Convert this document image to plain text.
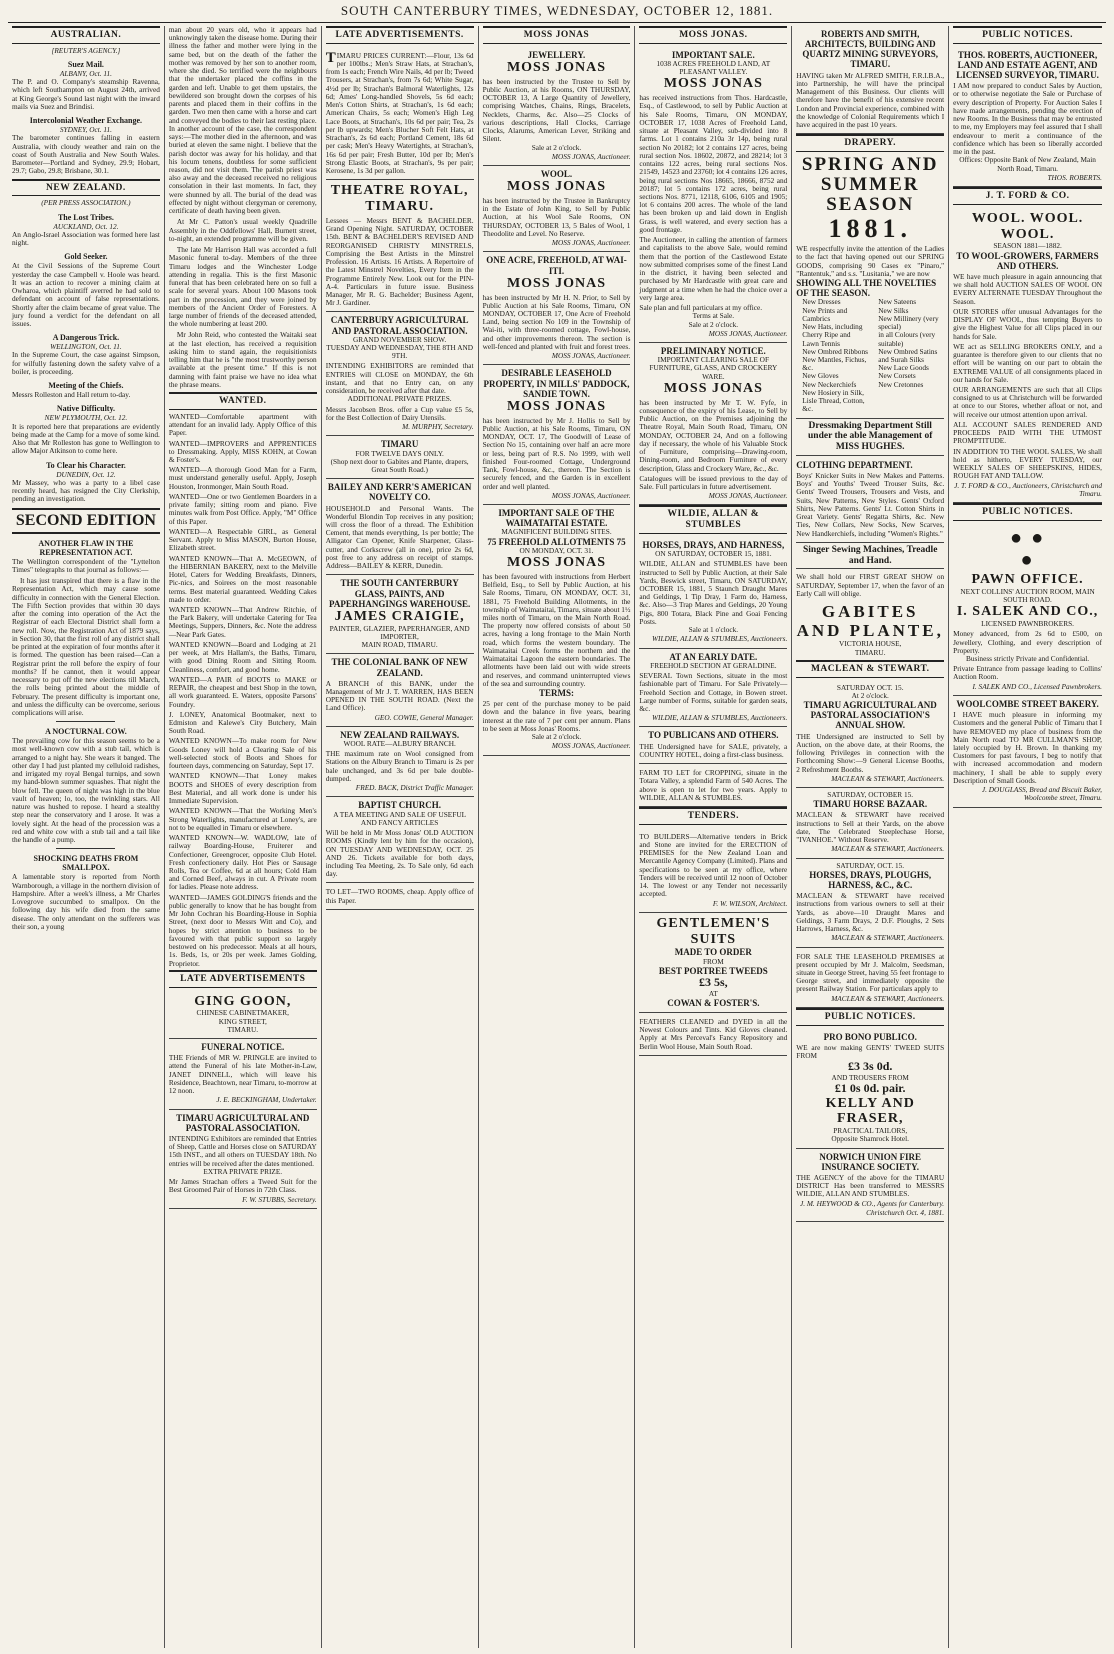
SOUTH CANTERBURY TIMES, WEDNESDAY, OCTOBER 12, 1881.
AUSTRALIAN.
[REUTER'S AGENCY.]
Suez Mail.
ALBANY, Oct. 11.

The P. and O. Company's steamship Ravenna, which left Southampton on August 24th, arrived at King George's Sound last night with the inward mails via Suez and Brindisi.

Intercolonial Weather Exchange.
SYDNEY, Oct. 11.

The barometer continues falling in eastern Australia, with cloudy weather and rain on the coast of South Australia and New South Wales. Barometer—Portland and Sydney, 29.9; Hobart, 29.7; Gabo, 29.8; Brisbane, 30.1.

NEW ZEALAND.
(PER PRESS ASSOCIATION.)
The Lost Tribes.
AUCKLAND, Oct. 12.

An Anglo-Israel Association was formed here last night.

Gold Seeker.

At the Civil Sessions of the Supreme Court yesterday the case Campbell v. Hoole was heard. It was an action to recover a mining claim at Owharoa, which plaintiff averred he had sold to defendant on account of false representations. Shortly after the claim became of great value. The jury found a verdict for the defendant on all issues.

A Dangerous Trick.
WELLINGTON, Oct. 11.

In the Supreme Court, the case against Simpson, for wilfully fastening down the safety valve of a boiler, is proceeding.

Meeting of the Chiefs.

Messrs Rolleston and Hall return to-day.

Native Difficulty.
NEW PLYMOUTH, Oct. 12.

It is reported here that preparations are evidently being made at the Camp for a move of some kind. Also that Mr Rolleston has gone to Wellington to allow Major Atkinson to come here.

To Clear his Character.
DUNEDIN, Oct. 12.

Mr Massey, who was a party to a libel case recently heard, has resigned the City Clerkship, pending an investigation.

SECOND EDITION
ANOTHER FLAW IN THE REPRESENTATION ACT.

The Wellington correspondent of the "Lyttelton Times" telegraphs to that journal as follows:—

It has just transpired that there is a flaw in the Representation Act, which may cause some difficulty in connection with the General Election. The Fifth Section provides that within 30 days after the coming into operation of the Act the Registrar of each Electoral District shall form a new roll. Now, the Registration Act of 1879 says, in Section 30, that the first roll of any district shall be printed at the expiration of four months after it is formed. The question has been raised—Can a Registrar print the roll before the expiry of four months? If he cannot, then it would appear necessary to put off the new elections till March, the rolls being printed about the middle of February. The present difficulty is important one, and unless the difficulty can be overcome, serious complications will arise.

A NOCTURNAL COW.

The prevailing cow for this season seems to be a most well-known cow with a stub tail, which is arranged to a night hay. She wears it banged. The other day I had just planted my celluloid radishes, and irrigated my royal Bengal turnips, and sown my hand-blown summer squashes. That night the blow fell. The queen of night was high in the blue vault of heaven; lo, too, the twinkling stars. All nature was hushed to repose. I heard a stealthy step near the conservatory and I arose. It was a lovely sight. At the head of the procession was a red and white cow with a stub tail and a tail like the handle of a pump.

SHOCKING DEATHS FROM SMALLPOX.

A lamentable story is reported from North Warnborough, a village in the northern division of Hampshire. After a week's illness, a Mr Charles Lovegrove succumbed to smallpox. On the following day his wife died from the same disease. The only attendant on the sufferers was their son, a young

man about 20 years old, who it appears had unknowingly taken the disease home. During their illness the father and mother were lying in the same bed, but on the death of the father the mother was removed by her son to another room, where she died. So terrified were the neighbours that the undertaker placed the coffins in the garden and left. Unable to get them upstairs, the bewildered son brought down the corpses of his parents and placed them in their coffins in the garden. Two men then came with a horse and cart and conveyed the bodies to their last resting place. In another account of the case, the correspondent says:—The mother died in the afternoon, and was buried at eleven the same night. I believe that the parish doctor was away for his holiday, and that his locum tenens, doubtless for some sufficient reason, did not visit them. The parish priest was also away and the deceased received no religious consolation in their last moments. In fact, they were shunned by all. The burial of the dead was effected by night without clergyman or ceremony, certificate of death having been given.

At Mr C. Patton's usual weekly Quadrille Assembly in the Oddfellows' Hall, Burnett street, to-night, an extended programme will be given.

The late Mr Harrison Hall was accorded a full Masonic funeral to-day. Members of the three Timaru lodges and the Winchester Lodge attending in regalia. This is the first Masonic funeral that has been celebrated here on so full a scale for several years. About 100 Masons took part in the procession, and they were joined by members of the Ancient Order of Foresters. A large number of friends of the deceased attended, the whole numbering at least 200.

Mr John Reid, who contested the Waitaki seat at the last election, has received a requisition asking him to stand again, the requisitionists telling him that he is "the most trustworthy person available at the present time." If this is not damning with faint praise we have no idea what the phrase means.

WANTED.
WANTED—Comfortable apartment with attendant for an invalid lady. Apply Office of this Paper.
WANTED—IMPROVERS and APPRENTICES to Dressmaking. Apply, MISS KOHN, at Cowan & Foster's.
WANTED—A thorough Good Man for a Farm, must understand generally useful. Apply, Joseph Houston, Ironmonger, Main South Road.
WANTED—One or two Gentlemen Boarders in a private family; sitting room and piano. Five minutes walk from Post Office. Apply, "M" Office of this Paper.
WANTED—A Respectable GIRL, as General Servant. Apply to Miss MASON, Burton House, Elizabeth street.
WANTED KNOWN—That A. McGEOWN, of the HIBERNIAN BAKERY, next to the Melville Hotel, Caters for Wedding Breakfasts, Dinners, Pic-nics, and Soirees on the most reasonable terms. Best material guaranteed. Wedding Cakes made to order.
WANTED KNOWN—That Andrew Ritchie, of the Park Bakery, will undertake Catering for Tea Meetings, Suppers, Dinners, &c. Note the address—Near Park Gates.
WANTED KNOWN—Board and Lodging at 21 per week, at Mrs Hallam's, the Baths, Timaru, with good Dining Room and Sitting Room. Cleanliness, comfort, and good home.
WANTED—A PAIR of BOOTS to MAKE or REPAIR, the cheapest and best Shop in the town, all work guaranteed. E. Waters, opposite Parsons' Foundry.
J. LONEY, Anatomical Bootmaker, next to Edmiston and Kalewe's City Butchery, Main South Road.
WANTED KNOWN—To make room for New Goods Loney will hold a Clearing Sale of his well-selected stock of Boots and Shoes for fourteen days, commencing on Saturday, Sept 17.
WANTED KNOWN—That Loney makes BOOTS and SHOES of every description from Best Material, and all work done is under his Immediate Supervision.
WANTED KNOWN—That the Working Men's Strong Waterlights, manufactured at Loney's, are not to be equalled in Timaru or elsewhere.
WANTED KNOWN—W. WADLOW, late of railway Boarding-House, Fruiterer and Confectioner, Greengrocer, opposite Club Hotel. Fresh confectionery daily. Hot Pies or Sausage Rolls, Tea or Coffee, 6d at all hours; Cold Ham and Corned Beef, always in cut. A Private room for ladies. Please note address.
WANTED—JAMES GOLDING'S friends and the public generally to know that he has bought from Mr John Cochran his Boarding-House in Sophia Street, (next door to Messrs Witt and Co), and hopes by strict attention to business to be favoured with that public support so largely bestowed on his predecessor. Meals at all hours, 1s. Beds, 1s, or 20s per week. James Golding, Proprietor.
LATE ADVERTISEMENTS
GING GOON,
CHINESE CABINETMAKER,
KING STREET,
TIMARU.
FUNERAL NOTICE.
THE Friends of MR W. PRINGLE are invited to attend the Funeral of his late Mother-in-Law, JANET DINNELL, which will leave his Residence, Beachtown, near Timaru, to-morrow at 12 noon.
J. E. BECKINGHAM, Undertaker.
TIMARU AGRICULTURAL AND PASTORAL ASSOCIATION.
INTENDING Exhibitors are reminded that Entries of Sheep, Cattle and Horses close on SATURDAY 15th INST., and all others on TUESDAY 18th. No entries will be received after the dates mentioned.
EXTRA PRIVATE PRIZE.
Mr James Strachan offers a Tweed Suit for the Best Groomed Pair of Horses in 72th Class.
F. W. STUBBS, Secretary.
LATE ADVERTISEMENTS.
TIMARU PRICES CURRENT:—Flour, 13s 6d per 100lbs.; Men's Straw Hats, at Strachan's, from 1s each; French Wire Nails, 4d per lb; Tweed Trousers, at Strachan's, from 7s 6d; White Sugar, 4½d per lb; Strachan's Balmoral Waterlights, 12s 6d; Ames' Long-handled Shovels, 5s 6d each; Men's Cotton Shirts, at Strachan's, 1s 6d each; American Chairs, 5s each; Women's High Leg Lace Boots, at Strachan's, 10s 6d per pair; Tea, 2s per lb upwards; Men's Blucher Soft Felt Hats, at Strachan's, 2s 6d each; Portland Cement, 18s 6d per cask; Men's Heavy Watertights, at Strachan's, 16s 6d per pair; Fresh Butter, 10d per lb; Men's Strong Elastic Boots, at Strachan's, 9s per pair; Kerosene, 1s 3d per gallon.
THEATRE ROYAL, TIMARU.
Lessees — Messrs BENT & BACHELDER. Grand Opening Night. SATURDAY, OCTOBER 15th. BENT & BACHELDER'S REVISED AND REORGANISED CHRISTY MINSTRELS, Comprising the Best Artists in the Minstrel Profession. 16 Artists. 16 Artists. A Repertoire of the Latest Minstrel Novelties, Every Item in the Programme Entirely New. Look out for the PIN-A-4. Particulars in future issue. Business Manager, Mr R. G. Bachelder; Business Agent, Mr J. Gardiner.
CANTERBURY AGRICULTURAL AND PASTORAL ASSOCIATION.
GRAND NOVEMBER SHOW.
TUESDAY AND WEDNESDAY, THE 8TH AND 9TH.
INTENDING EXHIBITORS are reminded that ENTRIES will CLOSE on MONDAY, the 6th instant, and that no Entry can, on any consideration, be received after that date.
ADDITIONAL PRIVATE PRIZES.
Messrs Jacobsen Bros. offer a Cup value £5 5s, for the Best Collection of Dairy Utensils.
M. MURPHY, Secretary.
TIMARU
FOR TWELVE DAYS ONLY.
(Shop next door to Gabites and Plante, drapers, Great South Road.)
BAILEY AND KERR'S AMERICAN NOVELTY CO.
HOUSEHOLD and Personal Wants. The Wonderful Blondin Top receives in any position; will cross the floor of a thread. The Exhibition Cement, that mends everything, 1s per bottle; The Alligator Can Opener, Knife Sharpener, Glass-cutter, and Corkscrew (all in one), price 2s 6d, post free to any address on receipt of stamps. Address—BAILEY & KERR, Dunedin.
THE SOUTH CANTERBURY GLASS, PAINTS, AND PAPERHANGINGS WAREHOUSE.
JAMES CRAIGIE,
PAINTER, GLAZIER, PAPERHANGER, AND IMPORTER,
MAIN ROAD, TIMARU.
THE COLONIAL BANK OF NEW ZEALAND.
A BRANCH of this BANK, under the Management of Mr J. T. WARREN, HAS BEEN OPENED IN THE SOUTH ROAD. (Next the Land Office).
GEO. COWIE, General Manager.
NEW ZEALAND RAILWAYS.
WOOL RATE—ALBURY BRANCH.
THE maximum rate on Wool consigned from Stations on the Albury Branch to Timaru is 2s per bale unchanged, and 3s 6d per bale double-dumped.
FRED. BACK, District Traffic Manager.
BAPTIST CHURCH.
A TEA MEETING AND SALE OF USEFUL AND FANCY ARTICLES
Will be held in Mr Moss Jonas' OLD AUCTION ROOMS (Kindly lent by him for the occasion), ON TUESDAY AND WEDNESDAY, OCT. 25 AND 26. Tickets available for both days, including Tea Meeting, 2s. To Sale only, 6d each day.
TO LET—TWO ROOMS, cheap. Apply office of this Paper.
MOSS JONAS
JEWELLERY.
MOSS JONAS
has been instructed by the Trustee to Sell by Public Auction, at his Rooms, ON THURSDAY, OCTOBER 13, A Large Quantity of Jewellery, comprising Watches, Chains, Rings, Bracelets, Necklets, Charms, &c. Also—25 Clocks of various descriptions, Hall Clocks, Carriage Clocks, Alarums, American Lever, Striking and Silent.
Sale at 2 o'clock.
MOSS JONAS, Auctioneer.
WOOL.
MOSS JONAS
has been instructed by the Trustee in Bankruptcy in the Estate of John King, to Sell by Public Auction, at his Wool Sale Rooms, ON THURSDAY, OCTOBER 13, 5 Bales of Wool, 1 Theodolite and Level. No Reserve.
MOSS JONAS, Auctioneer.
ONE ACRE, FREEHOLD, AT WAI-ITI.
MOSS JONAS
has been instructed by Mr H. N. Prior, to Sell by Public Auction at his Sale Rooms, Timaru, ON MONDAY, OCTOBER 17, One Acre of Freehold Land, being section No 109 in the Township of Wai-iti, with three-roomed cottage, Fowl-house, and other improvements thereon. The section is well-fenced and planted with fruit and forest trees.
MOSS JONAS, Auctioneer.
DESIRABLE LEASEHOLD PROPERTY, IN MILLS' PADDOCK, SANDIE TOWN.
MOSS JONAS
has been instructed by Mr J. Hollis to Sell by Public Auction, at his Sale Rooms, Timaru, ON MONDAY, OCT. 17, The Goodwill of Lease of Section No 15, containing over half an acre more or less, being part of R.S. No 1999, with well finished Four-roomed Cottage, Underground Tank, Fowl-house, &c., thereon. The Section is securely fenced, and the Garden is in excellent order and well planted.
MOSS JONAS, Auctioneer.
IMPORTANT SALE OF THE WAIMATAITAI ESTATE.
MAGNIFICENT BUILDING SITES.
75 FREEHOLD ALLOTMENTS 75
ON MONDAY, OCT. 31.
MOSS JONAS
has been favoured with instructions from Herbert Belfield, Esq., to Sell by Public Auction, at his Sale Rooms, Timaru, ON MONDAY, OCT. 31, 1881, 75 Freehold Building Allotments, in the township of Waimataitai, Timaru, situate about 1½ miles north of Timaru, on the Main North Road. The property now offered consists of about 50 acres, having a long frontage to the Main North road, which forms the western boundary. The Waimataitai Creek forms the northern and the Waimataitai Lagoon the eastern boundaries. The allotments have been laid out with wide streets and reserves, and command uninterrupted views of the sea and surrounding country.
TERMS:
25 per cent of the purchase money to be paid down and the balance in five years, bearing interest at the rate of 7 per cent per annum. Plans to be seen at Moss Jonas' Rooms.
Sale at 2 o'clock.
MOSS JONAS, Auctioneer.
MOSS JONAS.
IMPORTANT SALE.
1038 ACRES FREEHOLD LAND, AT PLEASANT VALLEY.
MOSS JONAS
has received instructions from Thos. Hardcastle, Esq., of Castlewood, to sell by Public Auction at his Sale Rooms, Timaru, ON MONDAY, OCTOBER 17, 1038 Acres of Freehold Land, situate at Pleasant Valley, sub-divided into 8 farms. Lot 1 contains 210a 3r 14p, being rural section No 20182; lot 2 contains 127 acres, being rural section Nos. 18602, 20872, and 28214; lot 3 contains 122 acres, being rural sections Nos. 21549, 14523 and 23760; lot 4 contains 126 acres, being rural sections Nos 18665, 18666, 8752 and 20187; lot 5 contains 172 acres, being rural sections Nos. 8771, 12118, 6106, 6105 and 1905; lot 6 contains 200 acres. The whole of the land has been broken up and laid down in English Grass, is well watered, and every section has a good frontage.
The Auctioneer, in calling the attention of farmers and capitalists to the above Sale, would remind them that the portion of the Castlewood Estate now submitted comprises some of the finest Land in the district, it having been selected and purchased by Mr Hardcastle with great care and judgment at a time when he had the choice over a very large area.
Sale plan and full particulars at my office.
Terms at Sale.
Sale at 2 o'clock.
MOSS JONAS, Auctioneer.
PRELIMINARY NOTICE.
IMPORTANT CLEARING SALE OF FURNITURE, GLASS, AND CROCKERY WARE.
MOSS JONAS
has been instructed by Mr T. W. Fyfe, in consequence of the expiry of his Lease, to Sell by Public Auction, on the Premises adjoining the Theatre Royal, Main South Road, Timaru, ON MONDAY, OCTOBER 24, And on a following day if necessary, the whole of his Valuable Stock of Furniture, comprising—Drawing-room, Dining-room, and Bedroom Furniture of every description, Glass and Crockery Ware, &c., &c.
Catalogues will be issued previous to the day of Sale. Full particulars in future advertisement.
MOSS JONAS, Auctioneer.
WILDIE, ALLAN & STUMBLES
HORSES, DRAYS, AND HARNESS,
ON SATURDAY, OCTOBER 15, 1881.
WILDIE, ALLAN and STUMBLES have been instructed to Sell by Public Auction, at their Sale Yards, Beswick street, Timaru, ON SATURDAY, OCTOBER 15, 1881, 5 Staunch Draught Mares and Geldings, 1 Tip Dray, 1 Farm do, Harness, &c. Also—3 Trap Mares and Geldings, 20 Young Pigs, 800 Totara, Black Pine and Goai Fencing Posts.
Sale at 1 o'clock.
WILDIE, ALLAN & STUMBLES, Auctioneers.
AT AN EARLY DATE.
FREEHOLD SECTION AT GERALDINE.
SEVERAL Town Sections, situate in the most fashionable part of Timaru. For Sale Privately—Freehold Section and Cottage, in Bowen street. Large number of Forms, suitable for garden seats, &c.
WILDIE, ALLAN & STUMBLES, Auctioneers.
TO PUBLICANS AND OTHERS.
THE Undersigned have for SALE, privately, a COUNTRY HOTEL, doing a first-class business.
FARM TO LET for CROPPING, situate in the Totara Valley, a splendid Farm of 540 Acres. The above is open to let for two years. Apply to WILDIE, ALLAN & STUMBLES.
TENDERS.
TO BUILDERS—Alternative tenders in Brick and Stone are invited for the ERECTION of PREMISES for the New Zealand Loan and Mercantile Agency Company (Limited). Plans and specifications to be seen at my office, where Tenders will be received until 12 noon of October 14. The lowest or any Tender not necessarily accepted.
F. W. WILSON, Architect.
GENTLEMEN'S SUITS
MADE TO ORDER
FROM
BEST PORTREE TWEEDS
£3 5s,
AT
COWAN & FOSTER'S.
FEATHERS CLEANED and DYED in all the Newest Colours and Tints. Kid Gloves cleaned. Apply at Mrs Perceval's Fancy Repository and Berlin Wool House, Main South Road.
ROBERTS AND SMITH, ARCHITECTS, BUILDING AND QUARTZ MINING SURVEYORS, TIMARU.
HAVING taken Mr ALFRED SMITH, F.R.I.B.A., into Partnership, he will have the principal Management of this Business. Our clients will therefore have the benefit of his extensive recent London and Provincial experience, combined with the knowledge of Colonial Requirements which I have acquired in the past 10 years.
DRAPERY.
SPRING AND SUMMER SEASON
1881.
WE respectfully invite the attention of the Ladies to the fact that having opened out our SPRING GOODS, comprising 90 Cases ex "Pinaro," "Rantentuk," and s.s. "Lusitania," we are now
SHOWING ALL THE NOVELTIES OF THE SEASON.
New Dresses
New Prints and Cambrics
New Hats, including Cherry Ripe and Lawn Tennis
New Ombred Ribbons
New Mantles, Fichus, &c.
New Gloves
New Neckerchiefs
New Hosiery in Silk, Lisle Thread, Cotton, &c.
New Sateens
New Silks
New Millinery (very special)
in all Colours (very suitable)
New Ombred Satins and Surah Silks
New Lace Goods
New Corsets
New Cretonnes
Dressmaking Department Still under the able Management of MISS HUGHES.
CLOTHING DEPARTMENT.
Boys' Knicker Suits in New Makes and Patterns. Boys' and Youths' Tweed Trouser Suits, &c. Gents' Tweed Trousers, Trousers and Vests, and Suits, New Patterns, New Styles. Gents' Oxford Shirts, New Patterns. Gents' Lt. Cotton Shirts in Great Variety. Gents' Regatta Shirts, &c. New Ties, New Collars, New Socks, New Scarves, New Handkerchiefs, including "Women's Rights."
Singer Sewing Machines, Treadle and Hand.
We shall hold our FIRST GREAT SHOW on SATURDAY, September 17, when the favor of an Early Call will oblige.
GABITES AND PLANTE,
VICTORIA HOUSE,
TIMARU.
MACLEAN & STEWART.
SATURDAY OCT. 15.
At 2 o'clock.
TIMARU AGRICULTURAL AND PASTORAL ASSOCIATION'S ANNUAL SHOW.
THE Undersigned are instructed to Sell by Auction, on the above date, at their Rooms, the following Privileges in connection with the Forthcoming Show:—9 General License Booths, 2 Refreshment Booths.
MACLEAN & STEWART, Auctioneers.
SATURDAY, OCTOBER 15.
TIMARU HORSE BAZAAR.
MACLEAN & STEWART have received instructions to Sell at their Yards, on the above date, The Celebrated Steeplechase Horse, "IVANHOE." Without Reserve.
MACLEAN & STEWART, Auctioneers.
SATURDAY, OCT. 15.
HORSES, DRAYS, PLOUGHS, HARNESS, &C., &C.
MACLEAN & STEWART have received instructions from various owners to sell at their Yards, as above—10 Draught Mares and Geldings, 3 Farm Drays, 2 D.F. Ploughs, 2 Sets Harrows, Harness, &c.
MACLEAN & STEWART, Auctioneers.
FOR SALE THE LEASEHOLD PREMISES at present occupied by Mr J. Malcolm, Seedsman, situate in George Street, having 55 feet frontage to George street, and immediately opposite the present Railway Station. For particulars apply to
MACLEAN & STEWART, Auctioneers.
PUBLIC NOTICES.
PRO BONO PUBLICO.
WE are now making GENTS' TWEED SUITS FROM
£3 3s 0d.
AND TROUSERS FROM
£1 0s 0d. pair.
KELLY AND FRASER,
PRACTICAL TAILORS,
Opposite Shamrock Hotel.
NORWICH UNION FIRE INSURANCE SOCIETY.
THE AGENCY of the above for the TIMARU DISTRICT Has been transferred to MESSRS WILDIE, ALLAN AND STUMBLES.
J. M. HEYWOOD & CO., Agents for Canterbury.
Christchurch Oct. 4, 1881.
PUBLIC NOTICES.
THOS. ROBERTS, AUCTIONEER, LAND AND ESTATE AGENT, AND LICENSED SURVEYOR, TIMARU.
I AM now prepared to conduct Sales by Auction, or to otherwise negotiate the Sale or Purchase of every description of Property. For Auction Sales I have made arrangements, pending the erection of new Rooms. In the Business that may be entrusted to me, my Employers may feel assured that I shall endeavour to merit a continuance of the confidence which has been so liberally accorded me in the past.
Offices: Opposite Bank of New Zealand, Main North Road, Timaru.
THOS. ROBERTS.
J. T. FORD & CO.
WOOL. WOOL. WOOL.
SEASON 1881—1882.
TO WOOL-GROWERS, FARMERS AND OTHERS.
WE have much pleasure in again announcing that we shall hold AUCTION SALES OF WOOL ON EVERY ALTERNATE TUESDAY Throughout the Season.
OUR STORES offer unusual Advantages for the DISPLAY OF WOOL, thus tempting Buyers to give the Highest Value for all Clips placed in our hands for Sale.
WE act as SELLING BROKERS ONLY, and a guarantee is therefore given to our clients that no effort will be wanting on our part to obtain the EXTREME VALUE of all consignments placed in our hands for Sale.
OUR ARRANGEMENTS are such that all Clips consigned to us at Christchurch will be forwarded at once to our Stores, whether afloat or not, and will receive our utmost attention upon arrival.
ALL ACCOUNT SALES RENDERED AND PROCEEDS PAID WITH THE UTMOST PROMPTITUDE.
IN ADDITION TO THE WOOL SALES, We shall hold as hitherto, EVERY TUESDAY, our WEEKLY SALES OF SHEEPSKINS, HIDES, ROUGH FAT AND TALLOW.
J. T. FORD & CO., Auctioneers, Christchurch and Timaru.
PUBLIC NOTICES.
● ●
●
PAWN OFFICE.
NEXT COLLINS' AUCTION ROOM, MAIN SOUTH ROAD.
I. SALEK AND CO.,
LICENSED PAWNBROKERS.
Money advanced, from 2s 6d to £500, on Jewellery, Clothing, and every description of Property.
Business strictly Private and Confidential.
Private Entrance from passage leading to Collins' Auction Room.
I. SALEK AND CO., Licensed Pawnbrokers.
WOOLCOMBE STREET BAKERY.
I HAVE much pleasure in informing my Customers and the general Public of Timaru that I have REMOVED my place of business from the Main North road TO MR CULLMAN'S SHOP, lately occupied by H. Brown. In thanking my Customers for past favours, I beg to notify that with increased accommodation and modern machinery, I shall be able to supply every Description of Small Goods.
J. DOUGLASS, Bread and Biscuit Baker, Woolcombe street, Timaru.
